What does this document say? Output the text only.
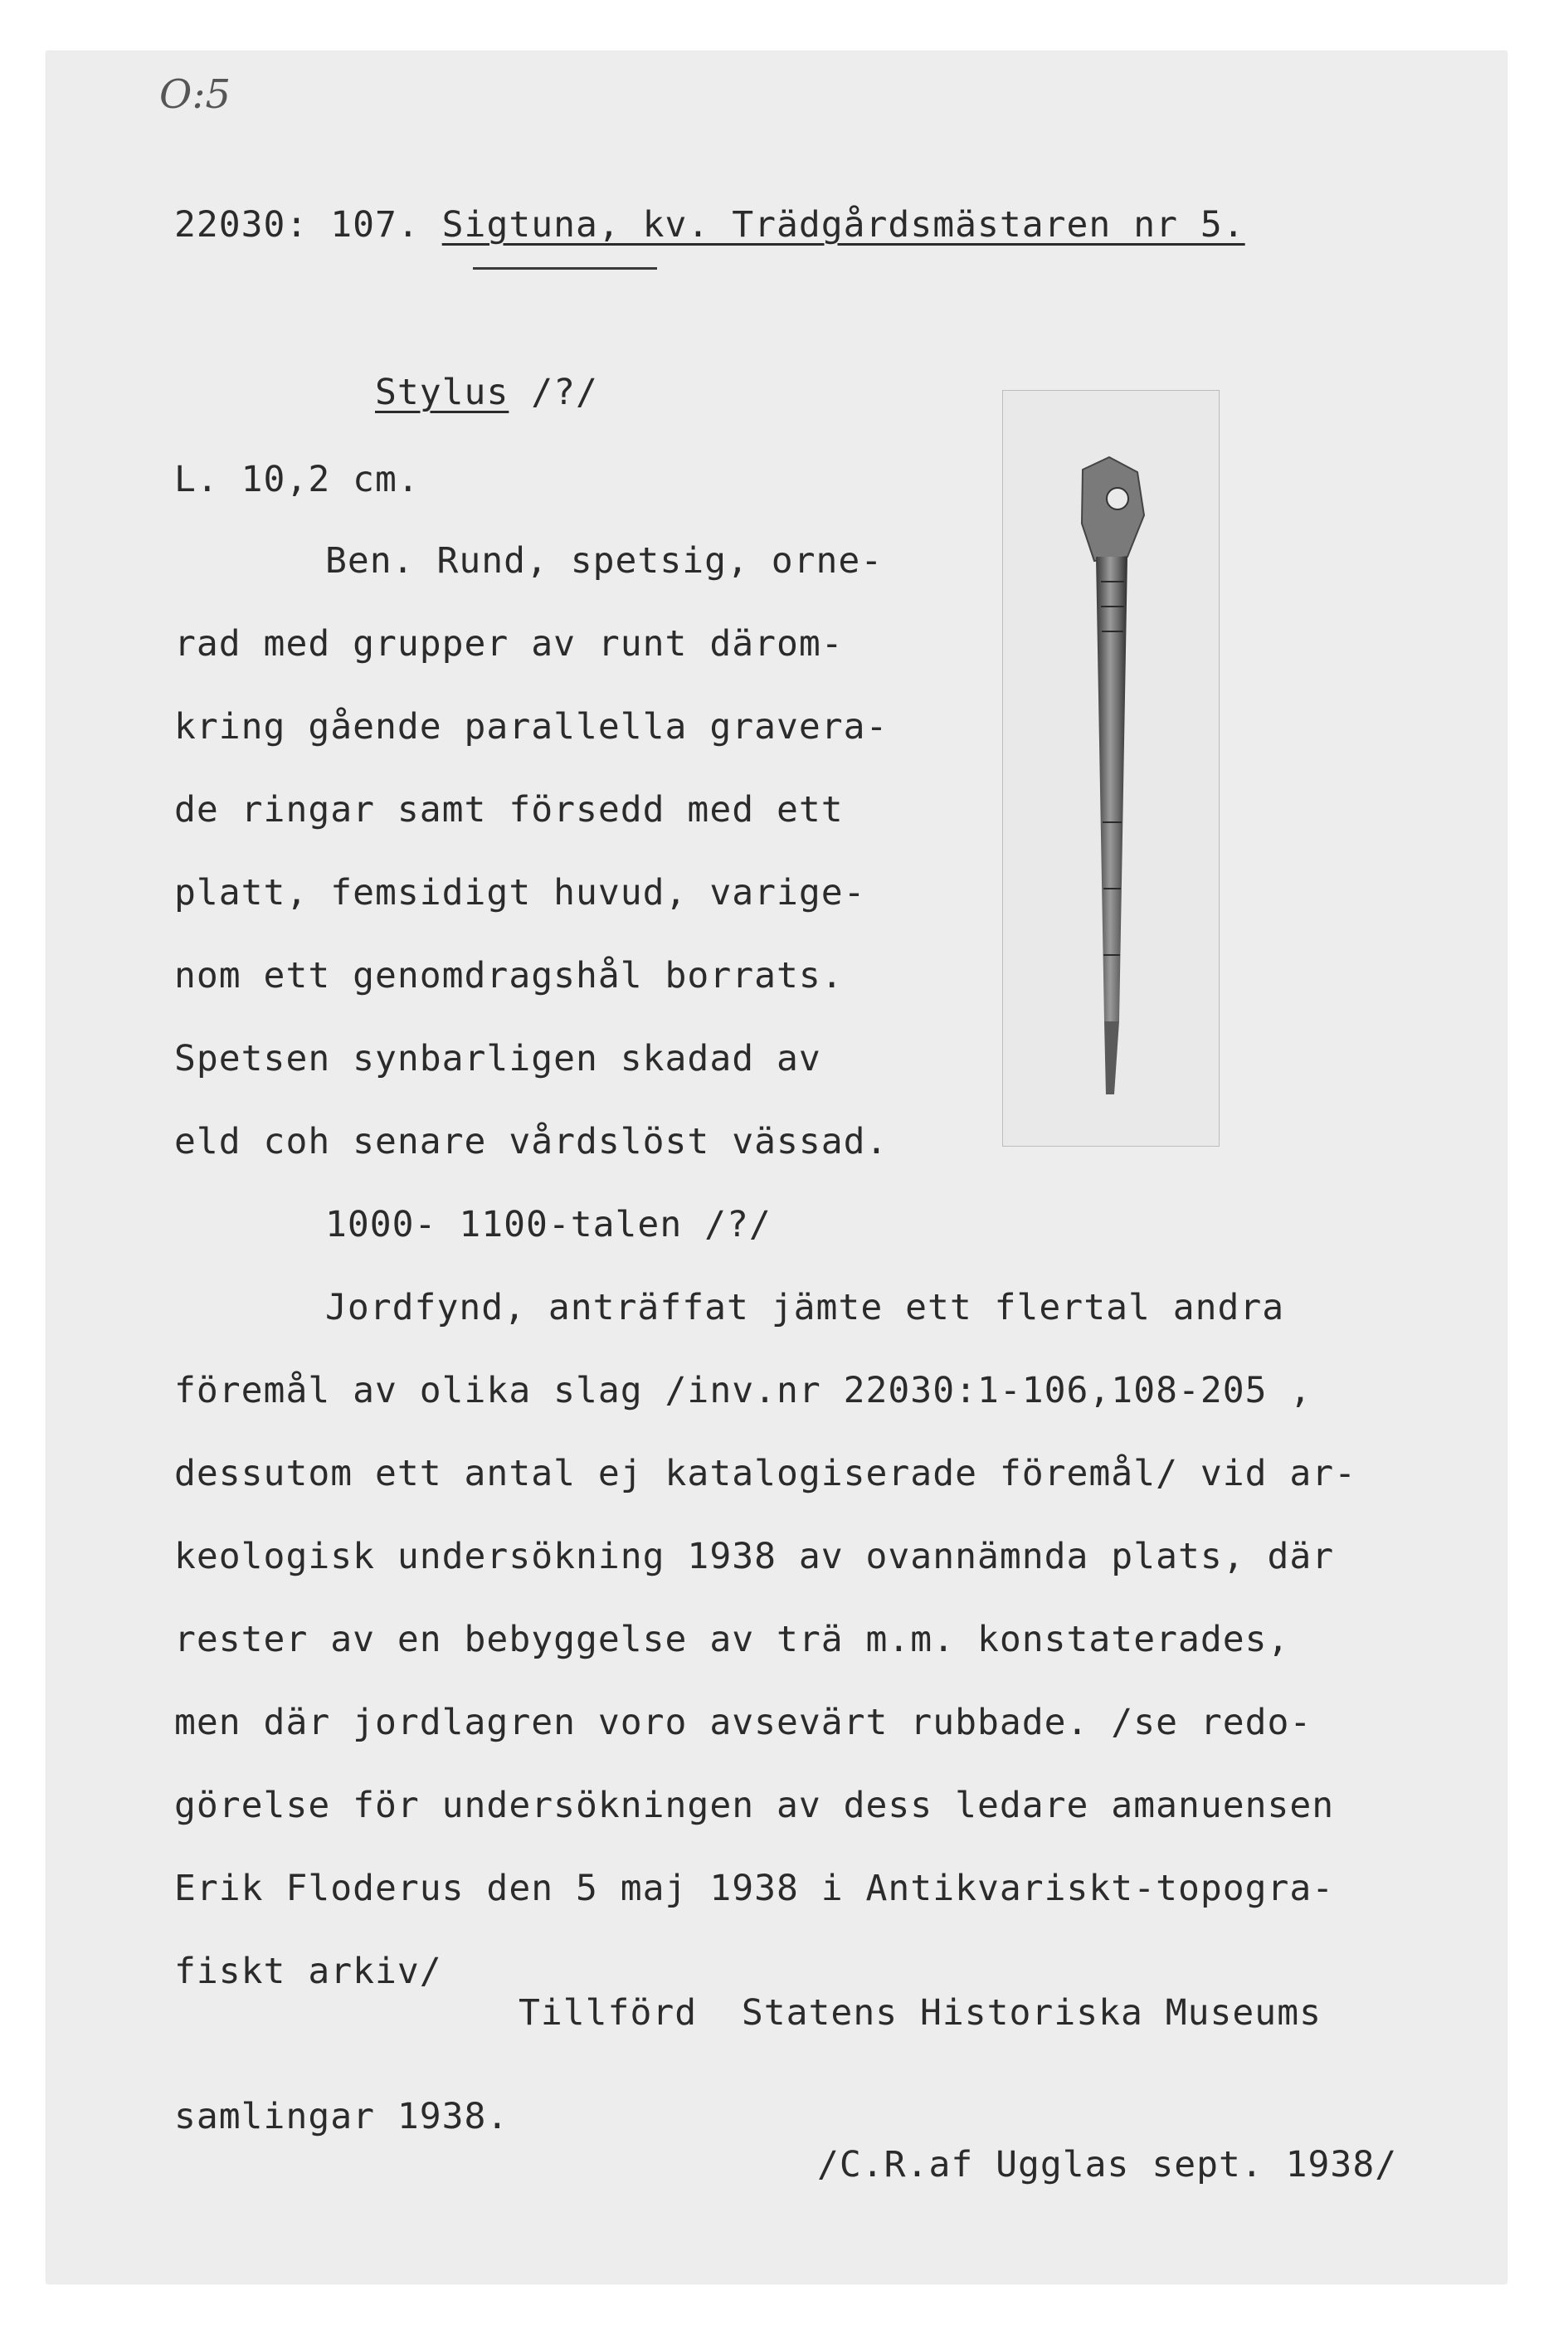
O:5
22030: 107. Sigtuna, kv. Trädgårdsmästaren nr 5.
Stylus /?/
L. 10,2 cm.
Ben. Rund, spetsig, orne-
rad med grupper av runt därom-
kring gående parallella gravera-
de ringar samt försedd med ett
platt, femsidigt huvud, varige-
nom ett genomdragshål borrats.
Spetsen synbarligen skadad av
eld coh senare vårdslöst vässad.
1000- 1100-talen /?/
Jordfynd, anträffat jämte ett flertal andra
föremål av olika slag /inv.nr 22030:1-106,108-205 ,
dessutom ett antal ej katalogiserade föremål/ vid ar-
keologisk undersökning 1938 av ovannämnda plats, där
rester av en bebyggelse av trä m.m. konstaterades,
men där jordlagren voro avsevärt rubbade. /se redo-
görelse för undersökningen av dess ledare amanuensen
Erik Floderus den 5 maj 1938 i Antikvariskt-topogra-
fiskt arkiv/
Tillförd  Statens Historiska Museums
samlingar 1938.
/C.R.af Ugglas sept. 1938/
